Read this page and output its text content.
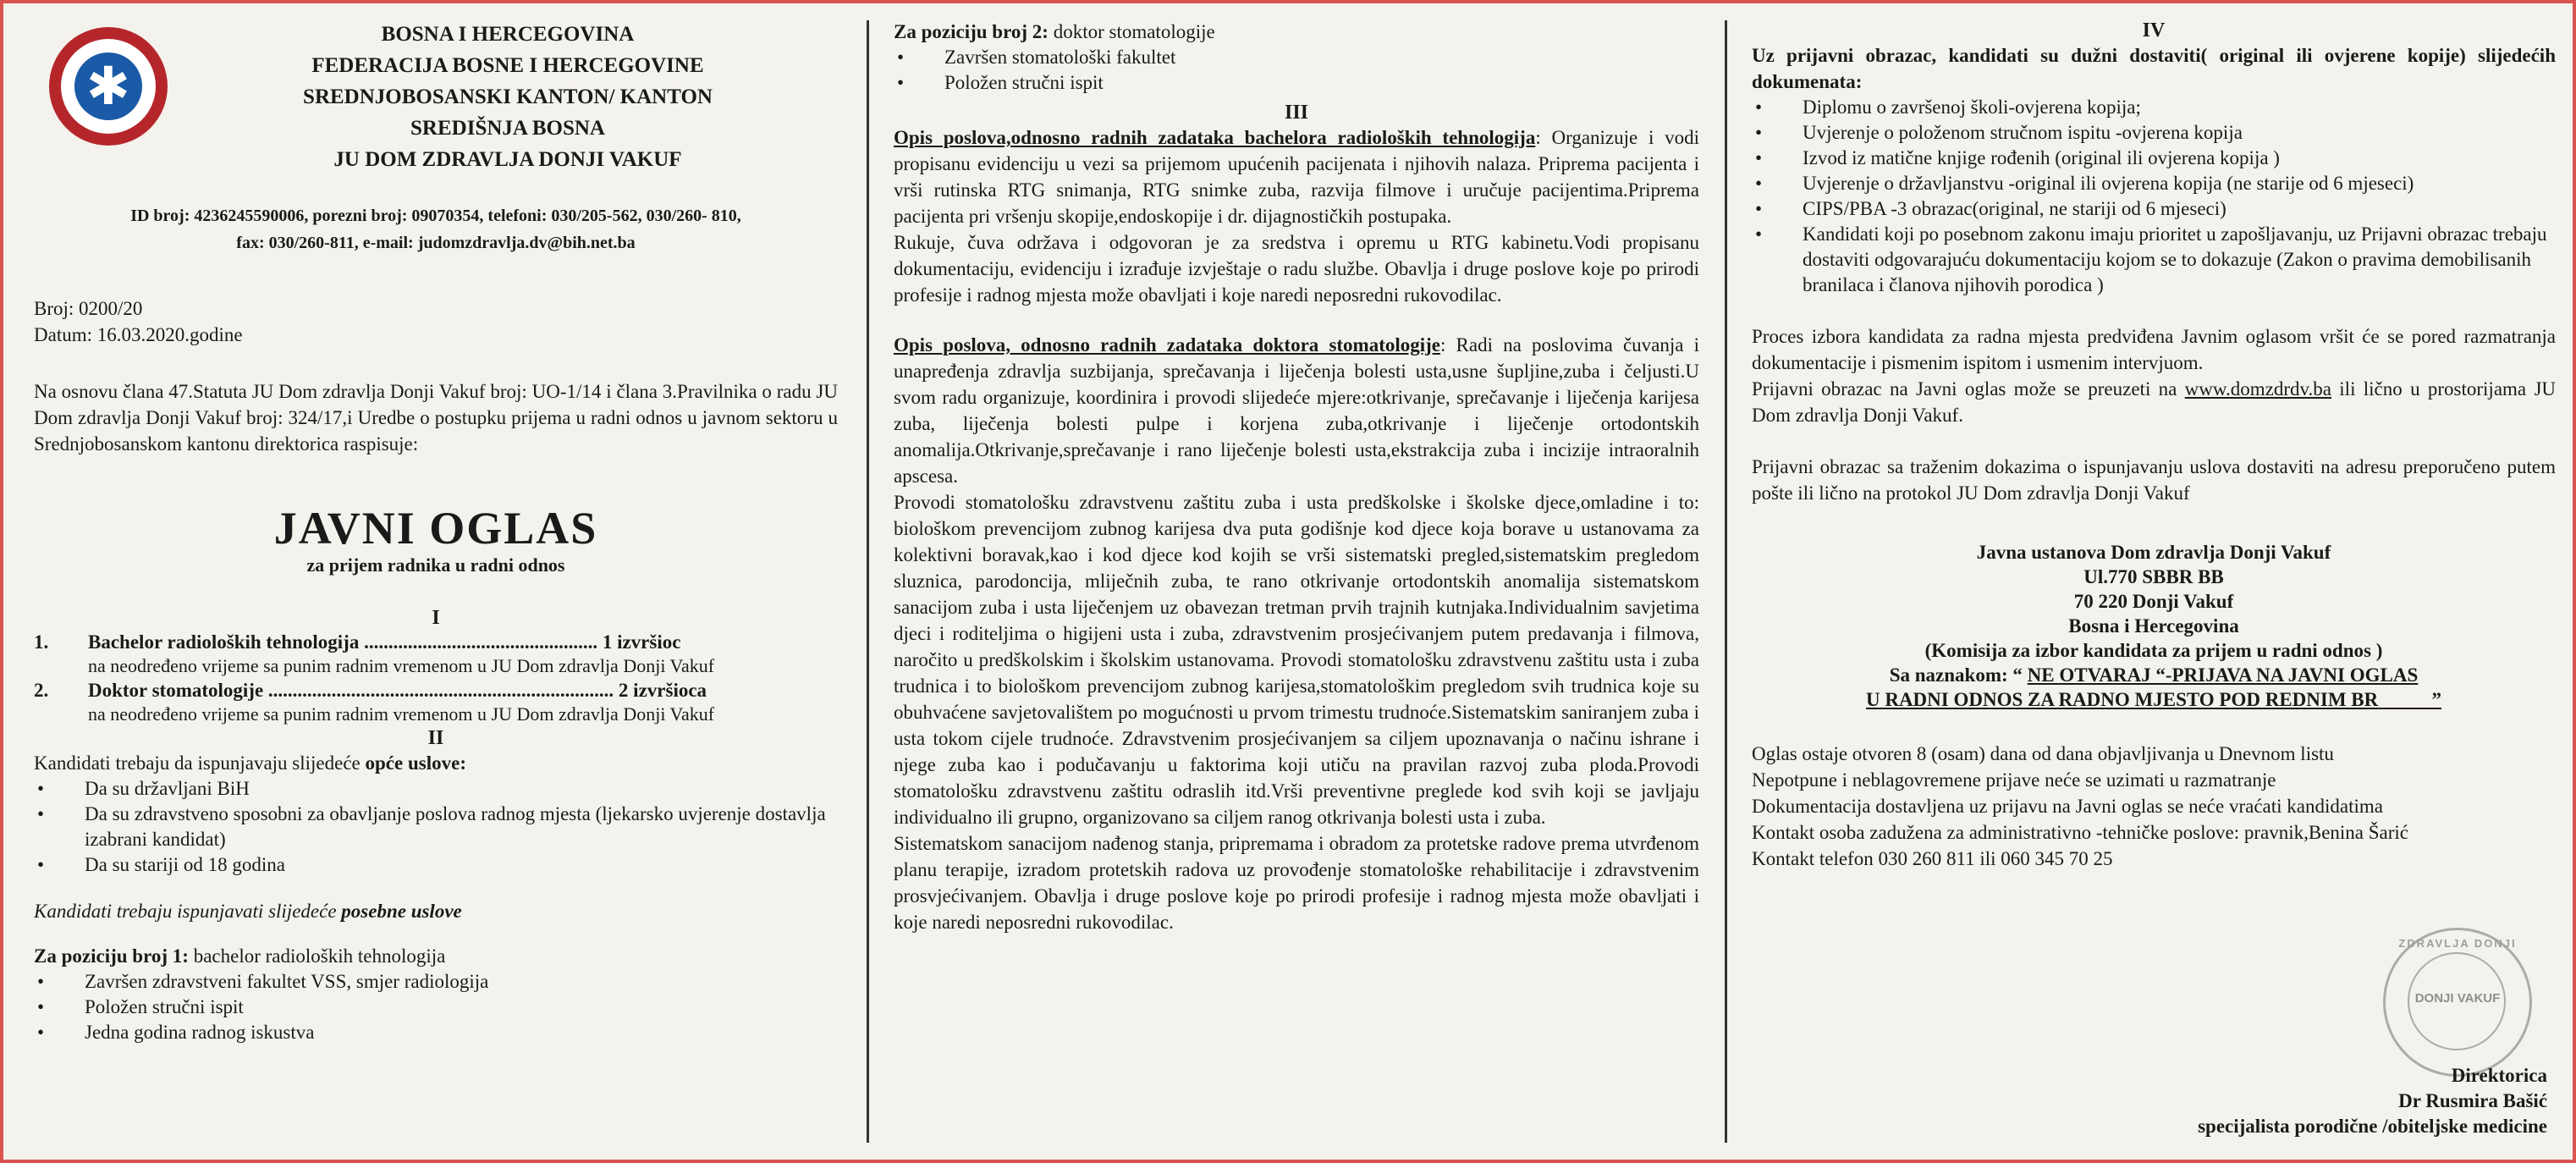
✱
BOSNA I HERCEGOVINA
FEDERACIJA BOSNE I HERCEGOVINE
SREDNJOBOSANSKI KANTON/ KANTON
SREDIŠNJA BOSNA
JU DOM ZDRAVLJA DONJI VAKUF
ID broj: 4236245590006, porezni broj: 09070354, telefoni: 030/205-562, 030/260- 810,
fax: 030/260-811, e-mail: judomzdravlja.dv@bih.net.ba

Broj: 0200/20

Datum: 16.03.2020.godine

Na osnovu člana 47.Statuta JU Dom zdravlja Donji Vakuf broj: UO-1/14 i člana 3.Pravilnika o radu JU Dom zdravlja Donji Vakuf broj: 324/17,i Uredbe o postupku prijema u radni odnos u javnom sektoru u Srednjobosanskom kantonu direktorica raspisuje:

JAVNI OGLAS
za prijem radnika u radni odnos
I
1.	Bachelor radioloških tehnologija ................................................ 1 izvršioc
na neodređeno vrijeme sa punim radnim vremenom u JU Dom zdravlja Donji Vakuf
2.	Doktor stomatologije ....................................................................... 2 izvršioca
na neodređeno vrijeme sa punim radnim vremenom u JU Dom zdravlja Donji Vakuf
II

Kandidati trebaju da ispunjavaju slijedeće opće uslove:

• Da su državljani BiH
• Da su zdravstveno sposobni za obavljanje poslova radnog mjesta (ljekarsko uvjerenje dostavlja izabrani kandidat)
• Da su stariji od 18 godina

Kandidati trebaju ispunjavati slijedeće posebne uslove

Za poziciju broj 1: bachelor radioloških tehnologija

• Završen zdravstveni fakultet VSS, smjer radiologija
• Položen stručni ispit
• Jedna godina radnog iskustva

Za poziciju broj 2: doktor stomatologije

• Završen stomatološki fakultet
• Položen stručni ispit
III

Opis poslova,odnosno radnih zadataka bachelora radioloških tehnologija: Organizuje i vodi propisanu evidenciju u vezi sa prijemom upućenih pacijenata i njihovih nalaza. Priprema pacijenta i vrši rutinska RTG snimanja, RTG snimke zuba, razvija filmove i uručuje pacijentima.Priprema pacijenta pri vršenju skopije,endoskopije i dr. dijagnostičkih postupaka.

Rukuje, čuva održava i odgovoran je za sredstva i opremu u RTG kabinetu.Vodi propisanu dokumentaciju, evidenciju i izrađuje izvještaje o radu službe. Obavlja i druge poslove koje po prirodi profesije i radnog mjesta može obavljati i koje naredi neposredni rukovodilac.

Opis poslova, odnosno radnih zadataka doktora stomatologije: Radi na poslovima čuvanja i unapređenja zdravlja suzbijanja, sprečavanja i liječenja bolesti usta,usne šupljine,zuba i čeljusti.U svom radu organizuje, koordinira i provodi slijedeće mjere:otkrivanje, sprečavanje i liječenja karijesa zuba, liječenja bolesti pulpe i korjena zuba,otkrivanje i liječenje ortodontskih anomalija.Otkrivanje,sprečavanje i rano liječenje bolesti usta,ekstrakcija zuba i incizije intraoralnih apscesa.

Provodi stomatološku zdravstvenu zaštitu zuba i usta predškolske i školske djece,omladine i to: biološkom prevencijom zubnog karijesa dva puta godišnje kod djece koja borave u ustanovama za kolektivni boravak,kao i kod djece kod kojih se vrši sistematski pregled,sistematskim pregledom sluznica, parodoncija, mliječnih zuba, te rano otkrivanje ortodontskih anomalija sistematskom sanacijom zuba i usta liječenjem uz obavezan tretman prvih trajnih kutnjaka.Individualnim savjetima djeci i roditeljima o higijeni usta i zuba, zdravstvenim prosjećivanjem putem predavanja i filmova, naročito u predškolskim i školskim ustanovama. Provodi stomatološku zdravstvenu zaštitu usta i zuba trudnica i to biološkom prevencijom zubnog karijesa,stomatološkim pregledom svih trudnica koje su obuhvaćene savjetovalištem po mogućnosti u prvom trimestu trudnoće.Sistematskim saniranjem zuba i usta tokom cijele trudnoće. Zdravstvenim prosjećivanjem sa ciljem upoznavanja o načinu ishrane i njege zuba kao i podučavanju u faktorima koji utiču na pravilan razvoj zuba ploda.Provodi stomatološku zdravstvenu zaštitu odraslih itd.Vrši preventivne preglede kod svih koji se javljaju individualno ili grupno, organizovano sa ciljem ranog otkrivanja bolesti usta i zuba.

Sistematskom sanacijom nađenog stanja, pripremama i obradom za protetske radove prema utvrđenom planu terapije, izradom protetskih radova uz provođenje stomatološke rehabilitacije i zdravstvenim prosvjećivanjem. Obavlja i druge poslove koje po prirodi profesije i radnog mjesta može obavljati i koje naredi neposredni rukovodilac.

IV

Uz prijavni obrazac, kandidati su dužni dostaviti( original ili ovjerene kopije) slijedećih dokumenata:

• Diplomu o završenoj školi-ovjerena kopija;
• Uvjerenje o položenom stručnom ispitu -ovjerena kopija
• Izvod iz matične knjige rođenih (original ili ovjerena kopija )
• Uvjerenje o državljanstvu -original ili ovjerena kopija (ne starije od 6 mjeseci)
• CIPS/PBA -3 obrazac(original, ne stariji od 6 mjeseci)
• Kandidati koji po posebnom zakonu imaju prioritet u zapošljavanju, uz Prijavni obrazac trebaju dostaviti odgovarajuću dokumentaciju kojom se to dokazuje (Zakon o pravima demobilisanih branilaca i članova njihovih porodica )

Proces izbora kandidata za radna mjesta predviđena Javnim oglasom vršit će se pored razmatranja dokumentacije i pismenim ispitom i usmenim intervjuom.

Prijavni obrazac na Javni oglas može se preuzeti na www.domzdrdv.ba ili lično u prostorijama JU Dom zdravlja Donji Vakuf.

Prijavni obrazac sa traženim dokazima o ispunjavanju uslova dostaviti na adresu preporučeno putem pošte ili lično na protokol JU Dom zdravlja Donji Vakuf

Javna ustanova Dom zdravlja Donji Vakuf
Ul.770 SBBR BB
70 220 Donji Vakuf
Bosna i Hercegovina
(Komisija za izbor kandidata za prijem u radni odnos )
Sa naznakom: “ NE OTVARAJ “-PRIJAVA NA JAVNI OGLAS
U RADNI ODNOS ZA RADNO MJESTO POD REDNIM BR           ”

Oglas ostaje otvoren 8 (osam) dana od dana objavljivanja u Dnevnom listu

Nepotpune i neblagovremene prijave neće se uzimati u razmatranje

Dokumentacija dostavljena uz prijavu na Javni oglas se neće vraćati kandidatima

Kontakt osoba zadužena za administrativno -tehničke poslove: pravnik,Benina Šarić

Kontakt telefon 030 260 811 ili 060 345 70 25

ZDRAVLJA DONJI
DONJI VAKUF
Direktorica
Dr Rusmira Bašić
specijalista porodične /obiteljske medicine
